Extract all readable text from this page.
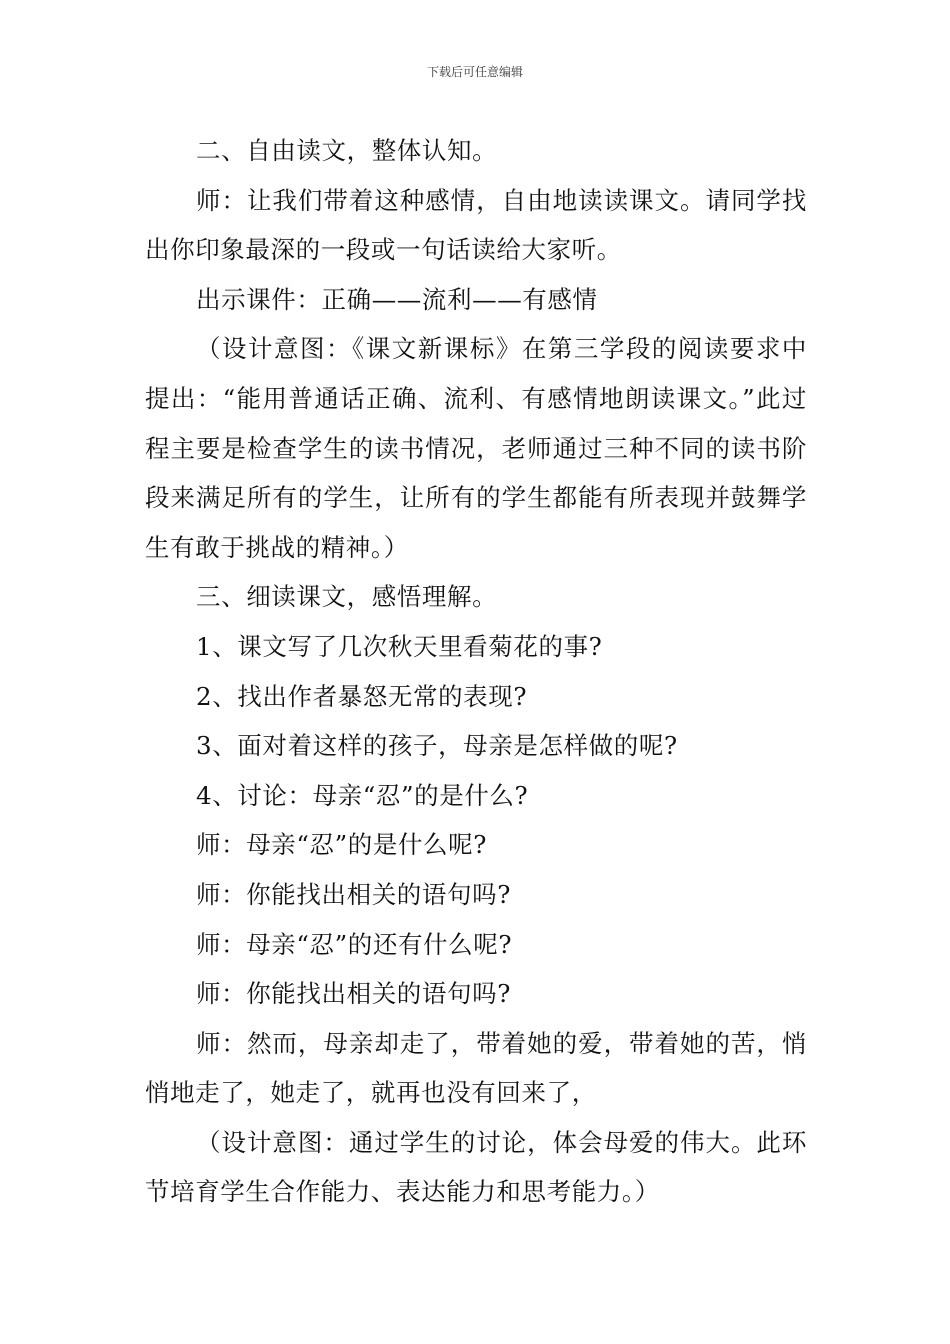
下载后可任意编辑

二、自由读文，整体认知。

师：让我们带着这种感情，自由地读读课文。请同学找出你印象最深的一段或一句话读给大家听。

出示课件：正确——流利——有感情

（设计意图：《课文新课标》在第三学段的阅读要求中提出：“能用普通话正确、流利、有感情地朗读课文。”此过程主要是检查学生的读书情况，老师通过三种不同的读书阶段来满足所有的学生，让所有的学生都能有所表现并鼓舞学生有敢于挑战的精神。）

三、细读课文，感悟理解。

1、课文写了几次秋天里看菊花的事?

2、找出作者暴怒无常的表现?

3、面对着这样的孩子，母亲是怎样做的呢?

4、讨论：母亲“忍”的是什么?

师：母亲“忍”的是什么呢?

师：你能找出相关的语句吗?

师：母亲“忍”的还有什么呢?

师：你能找出相关的语句吗?

师：然而，母亲却走了，带着她的爱，带着她的苦，悄悄地走了，她走了，就再也没有回来了，

（设计意图：通过学生的讨论，体会母爱的伟大。此环节培育学生合作能力、表达能力和思考能力。）
